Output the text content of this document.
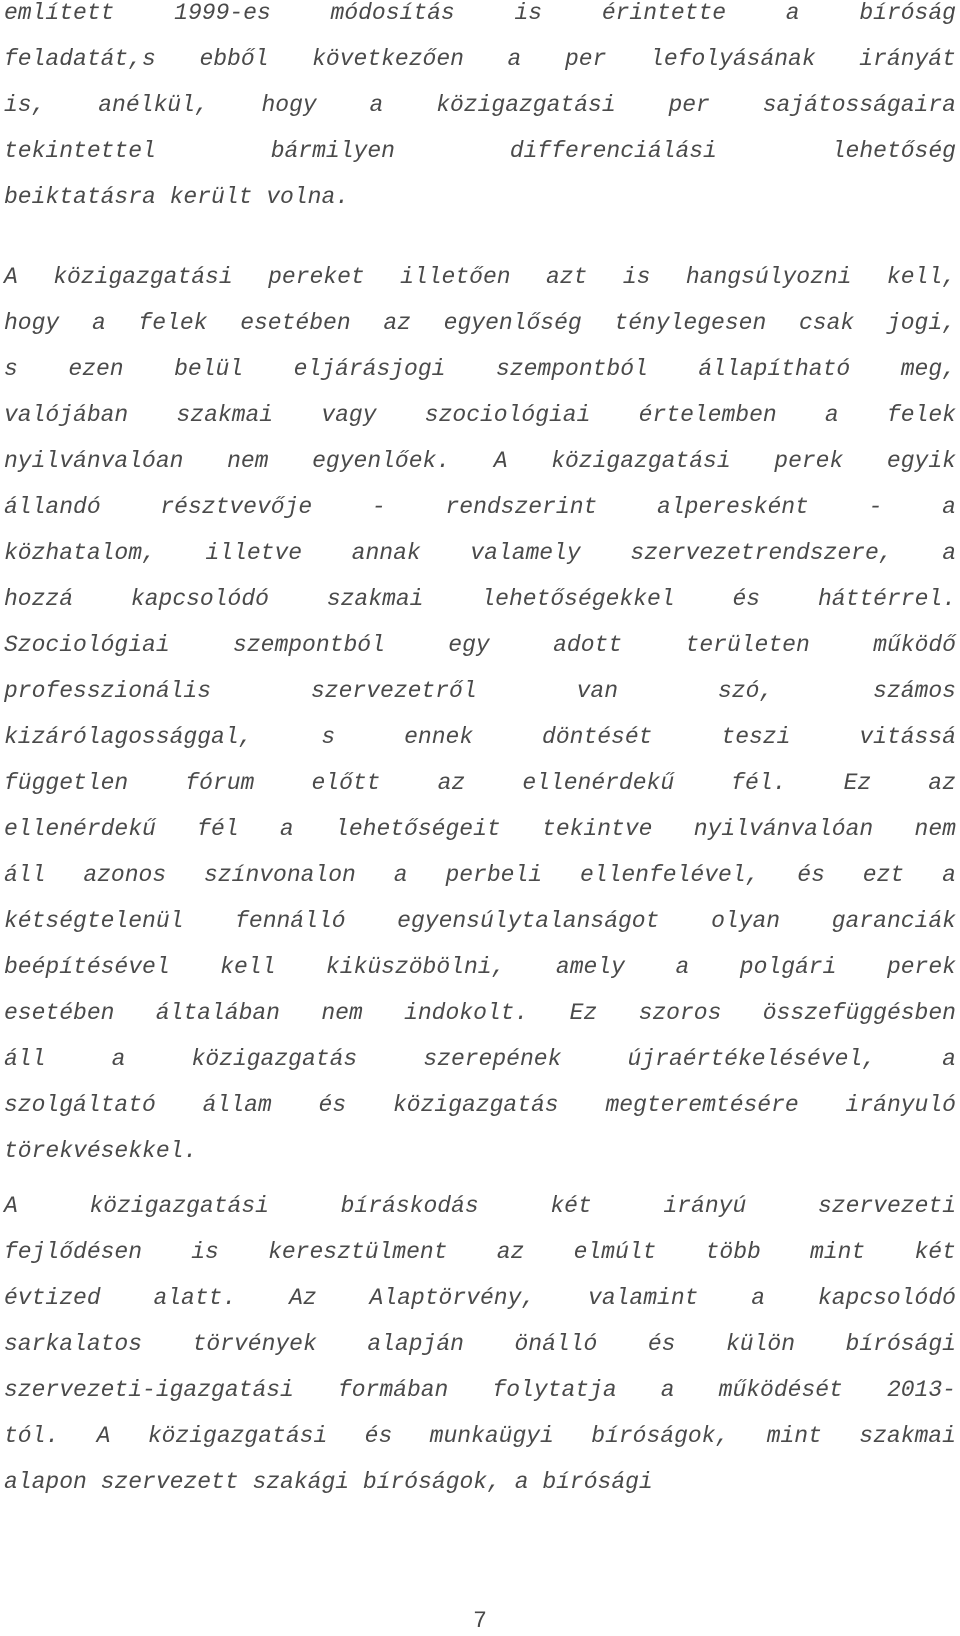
említett	1999-es	módosítás	is	érintette	a	bíróság
feladatát,s ebből következően a per lefolyásának irányát
is, anélkül, hogy a közigazgatási per sajátosságaira
tekintettel	bármilyen	differenciálási	lehetőség
beiktatásra került volna.
A közigazgatási pereket illetően azt is hangsúlyozni kell,
hogy a felek esetében az egyenlőség ténylegesen csak jogi,
s ezen belül eljárásjogi szempontból állapítható meg,
valójában szakmai vagy szociológiai értelemben a felek
nyilvánvalóan nem egyenlőek. A közigazgatási perek egyik
állandó	résztvevője	-	rendszerint	alperesként	-	a
közhatalom, illetve annak valamely szervezetrendszere, a
hozzá	kapcsolódó	szakmai	lehetőségekkel	és	háttérrel.
Szociológiai	szempontból	egy	adott	területen	működő
professzionális	szervezetről	van	szó,	számos
kizárólagossággal,	s	ennek	döntését	teszi	vitássá
független fórum előtt az ellenérdekű fél. Ez az
ellenérdekű fél a lehetőségeit tekintve nyilvánvalóan nem
áll azonos színvonalon a perbeli ellenfelével, és ezt a
kétségtelenül fennálló egyensúlytalanságot olyan garanciák
beépítésével kell kiküszöbölni, amely a polgári perek
esetében általában nem indokolt. Ez szoros összefüggésben
áll	a	közigazgatás	szerepének	újraértékelésével,	a
szolgáltató állam és közigazgatás megteremtésére irányuló
törekvésekkel.
A	közigazgatási	bíráskodás	két	irányú	szervezeti
fejlődésen is keresztülment az elmúlt több mint két
évtized alatt. Az Alaptörvény, valamint a kapcsolódó
sarkalatos törvények alapján önálló és külön bírósági
szervezeti-igazgatási formában folytatja a működését 2013-
tól. A közigazgatási és munkaügyi bíróságok, mint szakmai
alapon szervezett szakági bíróságok, a bírósági
7
